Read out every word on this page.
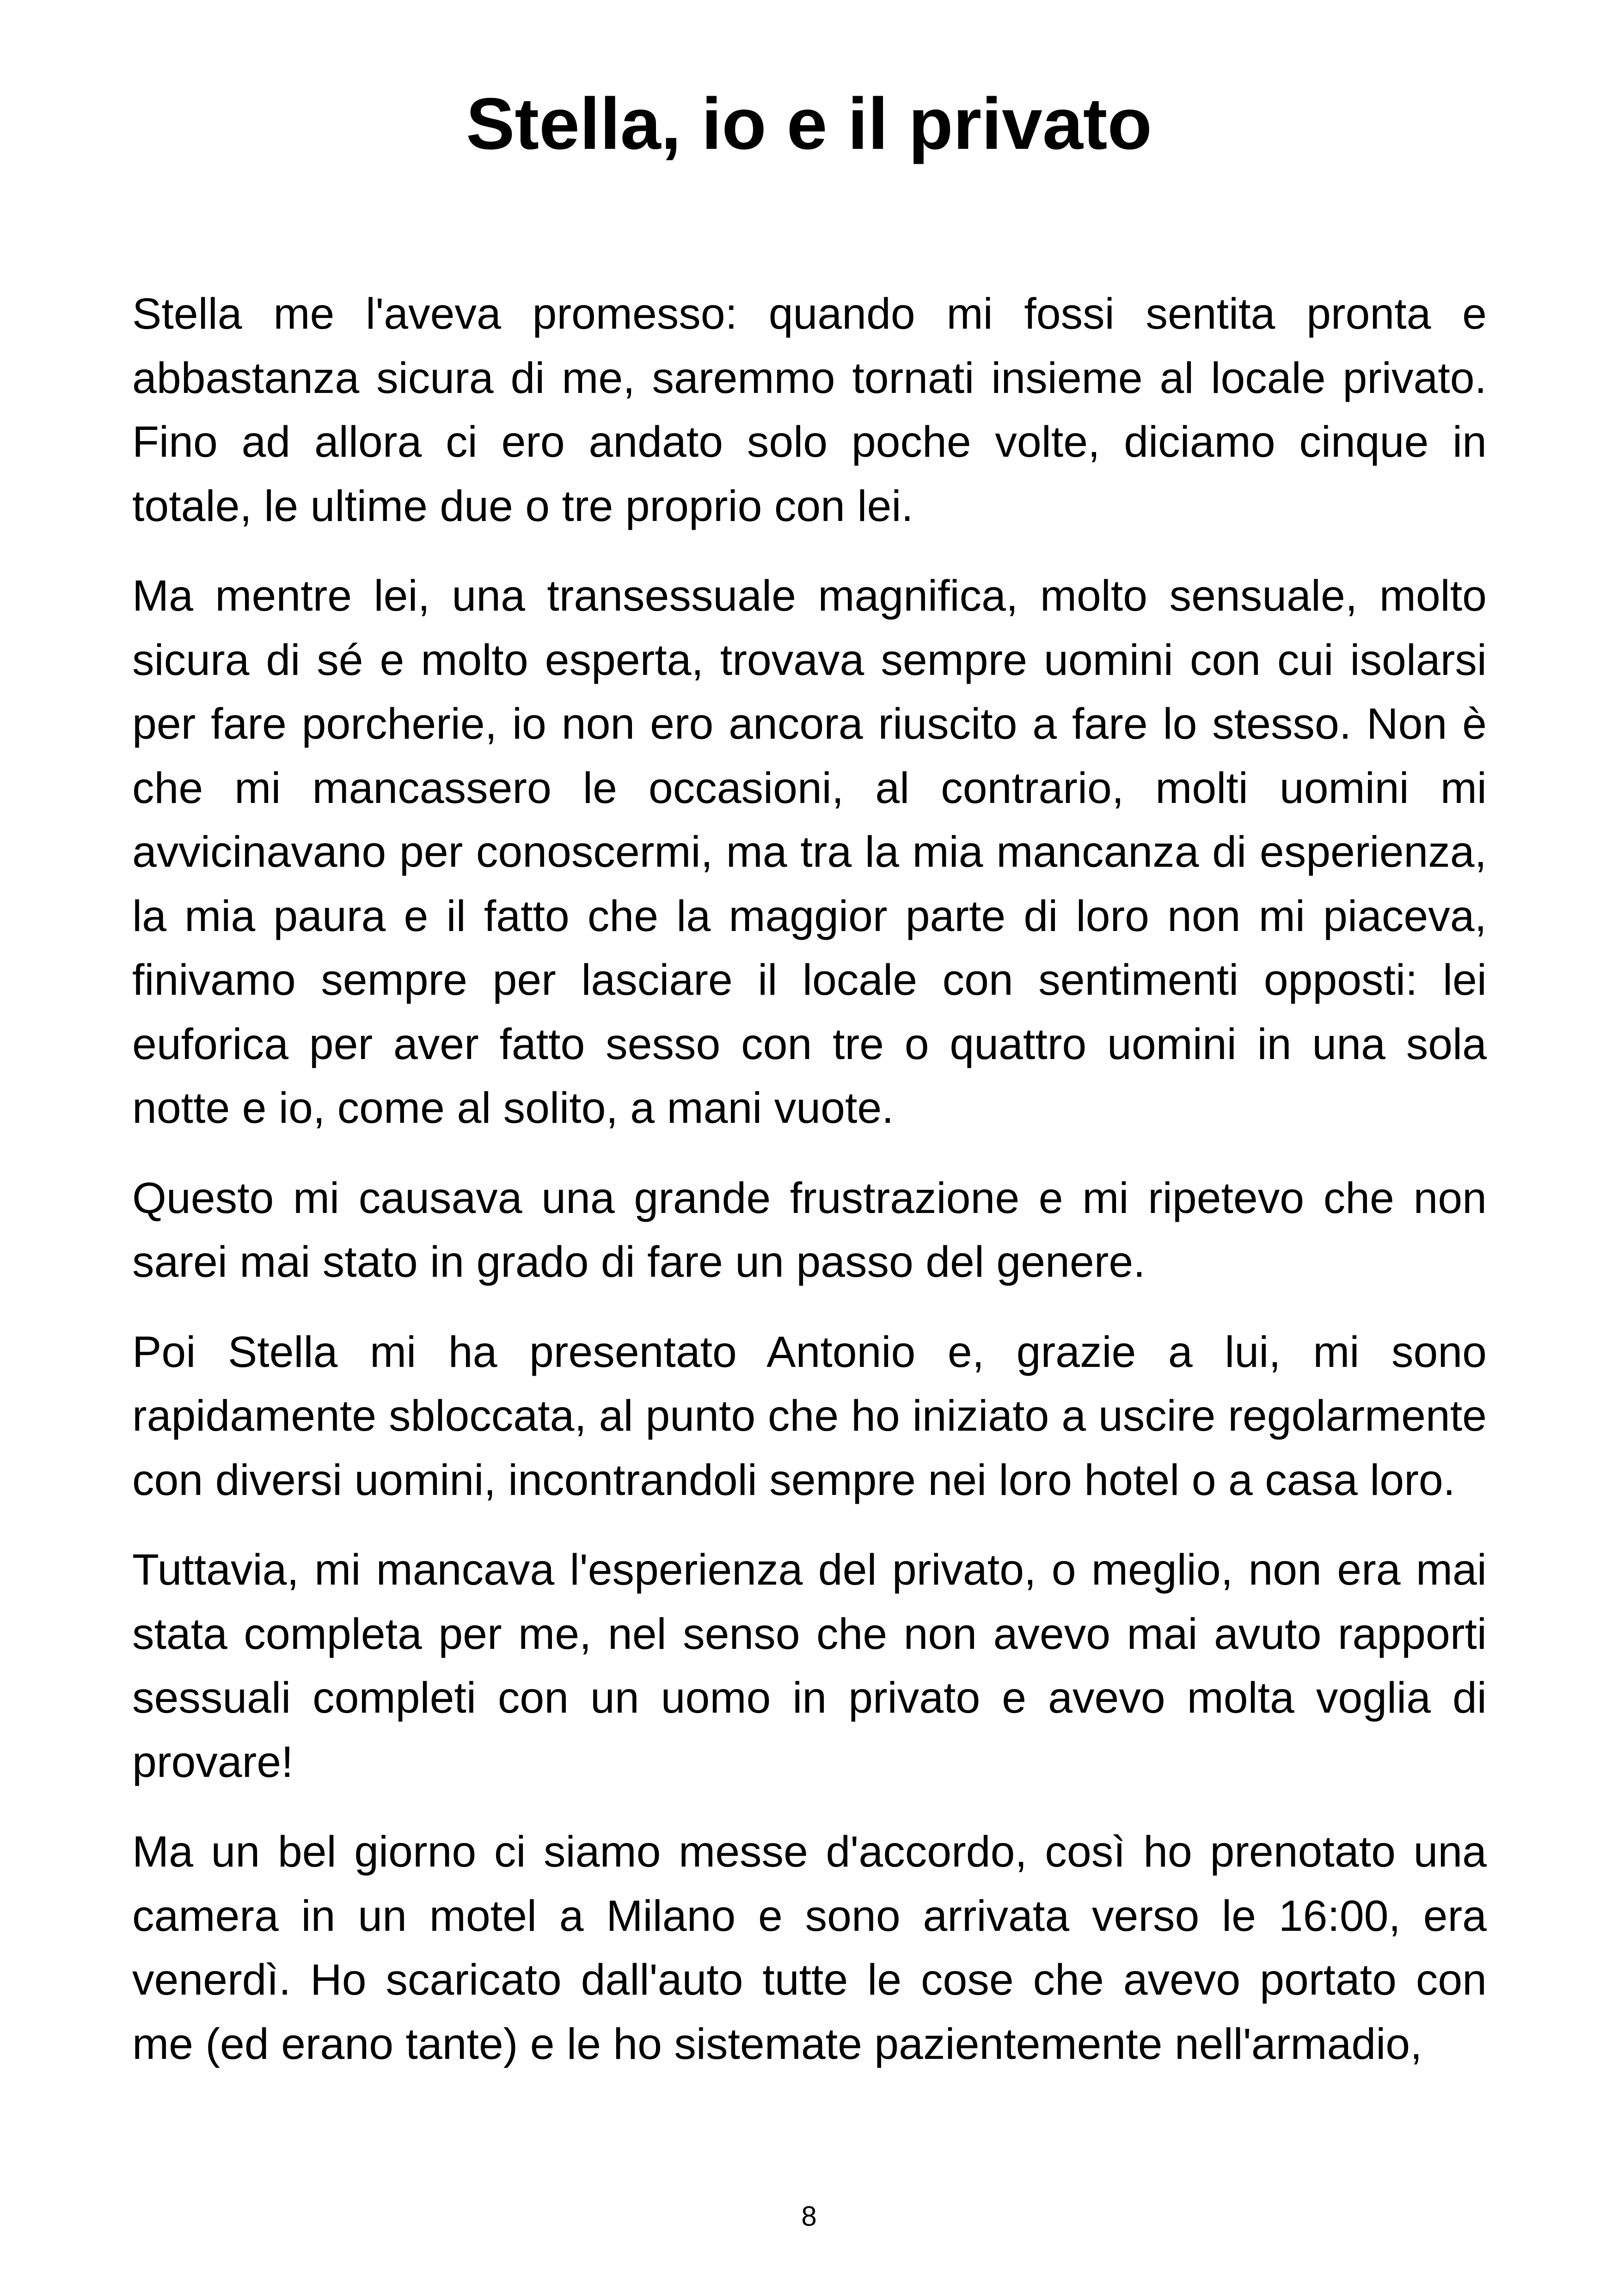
Stella, io e il privato

Stella me l'aveva promesso: quando mi fossi sentita pronta e abbastanza sicura di me, saremmo tornati insieme al locale privato. Fino ad allora ci ero andato solo poche volte, diciamo cinque in totale, le ultime due o tre proprio con lei.

Ma mentre lei, una transessuale magnifica, molto sensuale, molto sicura di sé e molto esperta, trovava sempre uomini con cui isolarsi per fare porcherie, io non ero ancora riuscito a fare lo stesso. Non è che mi mancassero le occasioni, al contrario, molti uomini mi avvicinavano per conoscermi, ma tra la mia mancanza di esperienza, la mia paura e il fatto che la maggior parte di loro non mi piaceva, finivamo sempre per lasciare il locale con sentimenti opposti: lei euforica per aver fatto sesso con tre o quattro uomini in una sola notte e io, come al solito, a mani vuote.

Questo mi causava una grande frustrazione e mi ripetevo che non sarei mai stato in grado di fare un passo del genere.

Poi Stella mi ha presentato Antonio e, grazie a lui, mi sono rapidamente sbloccata, al punto che ho iniziato a uscire regolarmente con diversi uomini, incontrandoli sempre nei loro hotel o a casa loro.

Tuttavia, mi mancava l'esperienza del privato, o meglio, non era mai stata completa per me, nel senso che non avevo mai avuto rapporti sessuali completi con un uomo in privato e avevo molta voglia di provare!

Ma un bel giorno ci siamo messe d'accordo, così ho prenotato una camera in un motel a Milano e sono arrivata verso le 16:00, era venerdì. Ho scaricato dall'auto tutte le cose che avevo portato con me (ed erano tante) e le ho sistemate pazientemente nell'armadio,

8
